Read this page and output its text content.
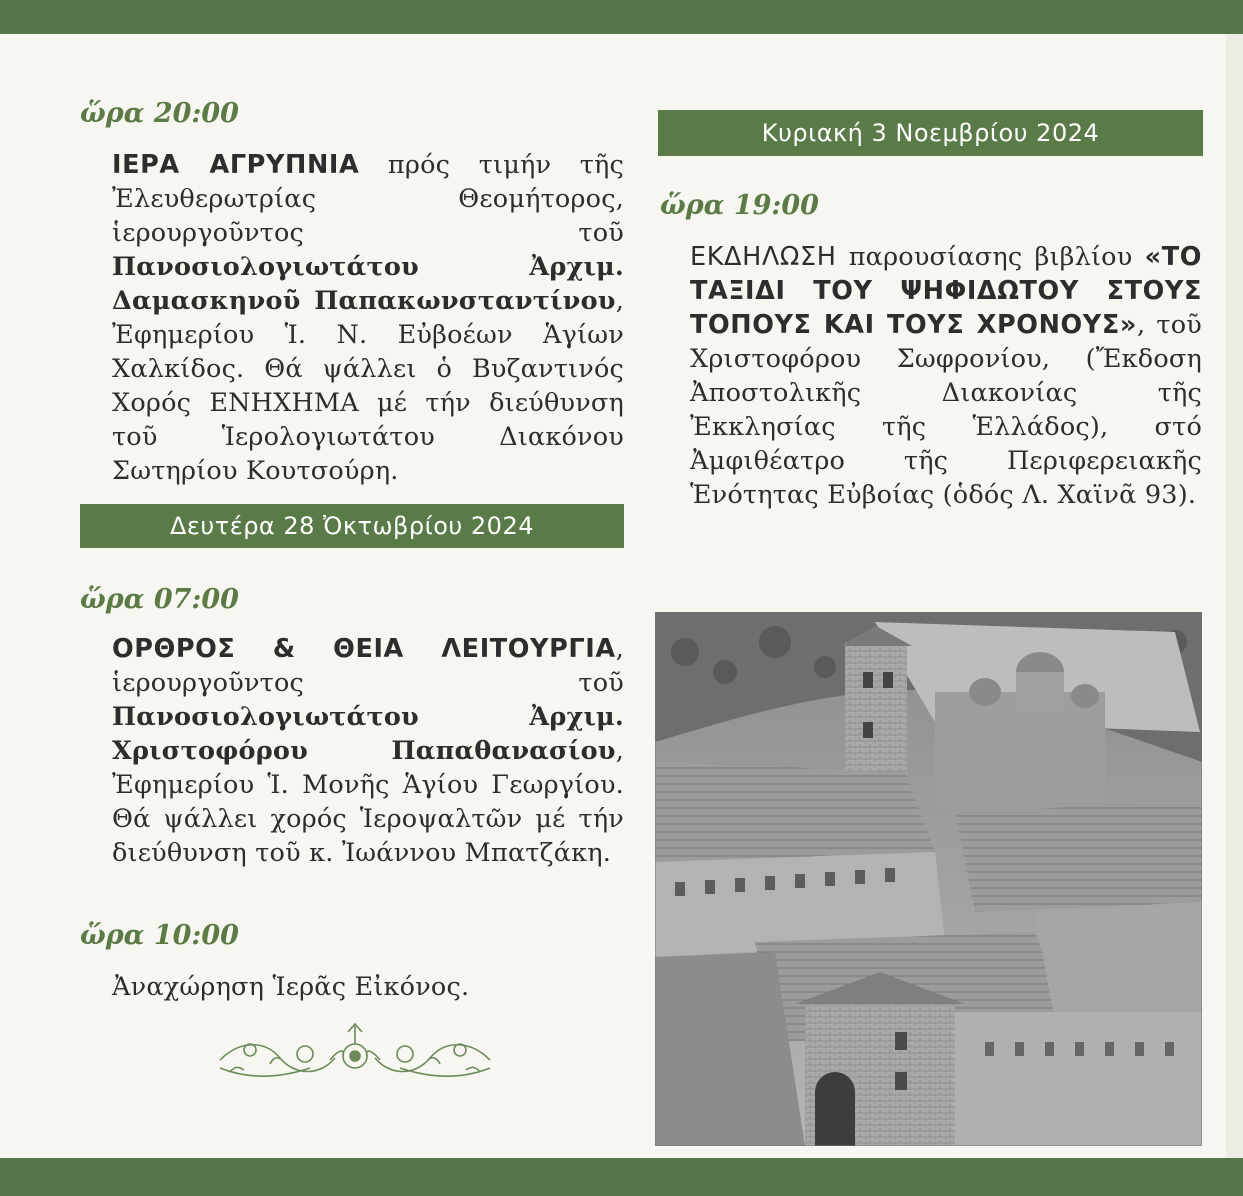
ὥρα 20:00
ΙΕΡΑ ΑΓΡΥΠΝΙΑ πρός τιμήν τῆς Ἐλευθερωτρίας Θεομήτορος, ἱερουργοῦντος τοῦ Πανοσιολογιωτάτου Ἀρχιμ. Δαμασκηνοῦ Παπακωνσταντίνου, Ἐφημερίου Ἱ. Ν. Εὐβοέων Ἁγίων Χαλκίδος. Θά ψάλλει ὁ Βυζαντινός Χορός ΕΝΗΧΗΜΑ μέ τήν διεύθυνση τοῦ Ἱερολογιωτάτου Διακόνου Σωτηρίου Κουτσούρη.
Δευτέρα 28 Ὀκτωβρίου 2024
ὥρα 07:00
ΟΡΘΡΟΣ & ΘΕΙΑ ΛΕΙΤΟΥΡΓΙΑ, ἱερουργοῦντος τοῦ Πανοσιολογιωτάτου Ἀρχιμ. Χριστοφόρου Παπαθανασίου, Ἐφημερίου Ἱ. Μονῆς Ἁγίου Γεωργίου. Θά ψάλλει χορός Ἱεροψαλτῶν μέ τήν διεύθυνση τοῦ κ. Ἰωάννου Μπατζάκη.
ὥρα 10:00
Ἀναχώρηση Ἱερᾶς Εἰκόνος.
Κυριακή 3 Νοεμβρίου 2024
ὥρα 19:00
ΕΚΔΗΛΩΣΗ παρουσίασης βιβλίου «ΤΟ ΤΑΞΙΔΙ ΤΟΥ ΨΗΦΙΔΩΤΟΥ ΣΤΟΥΣ ΤΟΠΟΥΣ ΚΑΙ ΤΟΥΣ ΧΡΟΝΟΥΣ», τοῦ Χριστοφόρου Σωφρονίου, (Ἔκδοση Ἀποστολικῆς Διακονίας τῆς Ἐκκλησίας τῆς Ἑλλάδος), στό Ἀμφιθέατρο τῆς Περιφερειακῆς Ἑνότητας Εὐβοίας (ὁδός Λ. Χαϊνᾶ 93).
